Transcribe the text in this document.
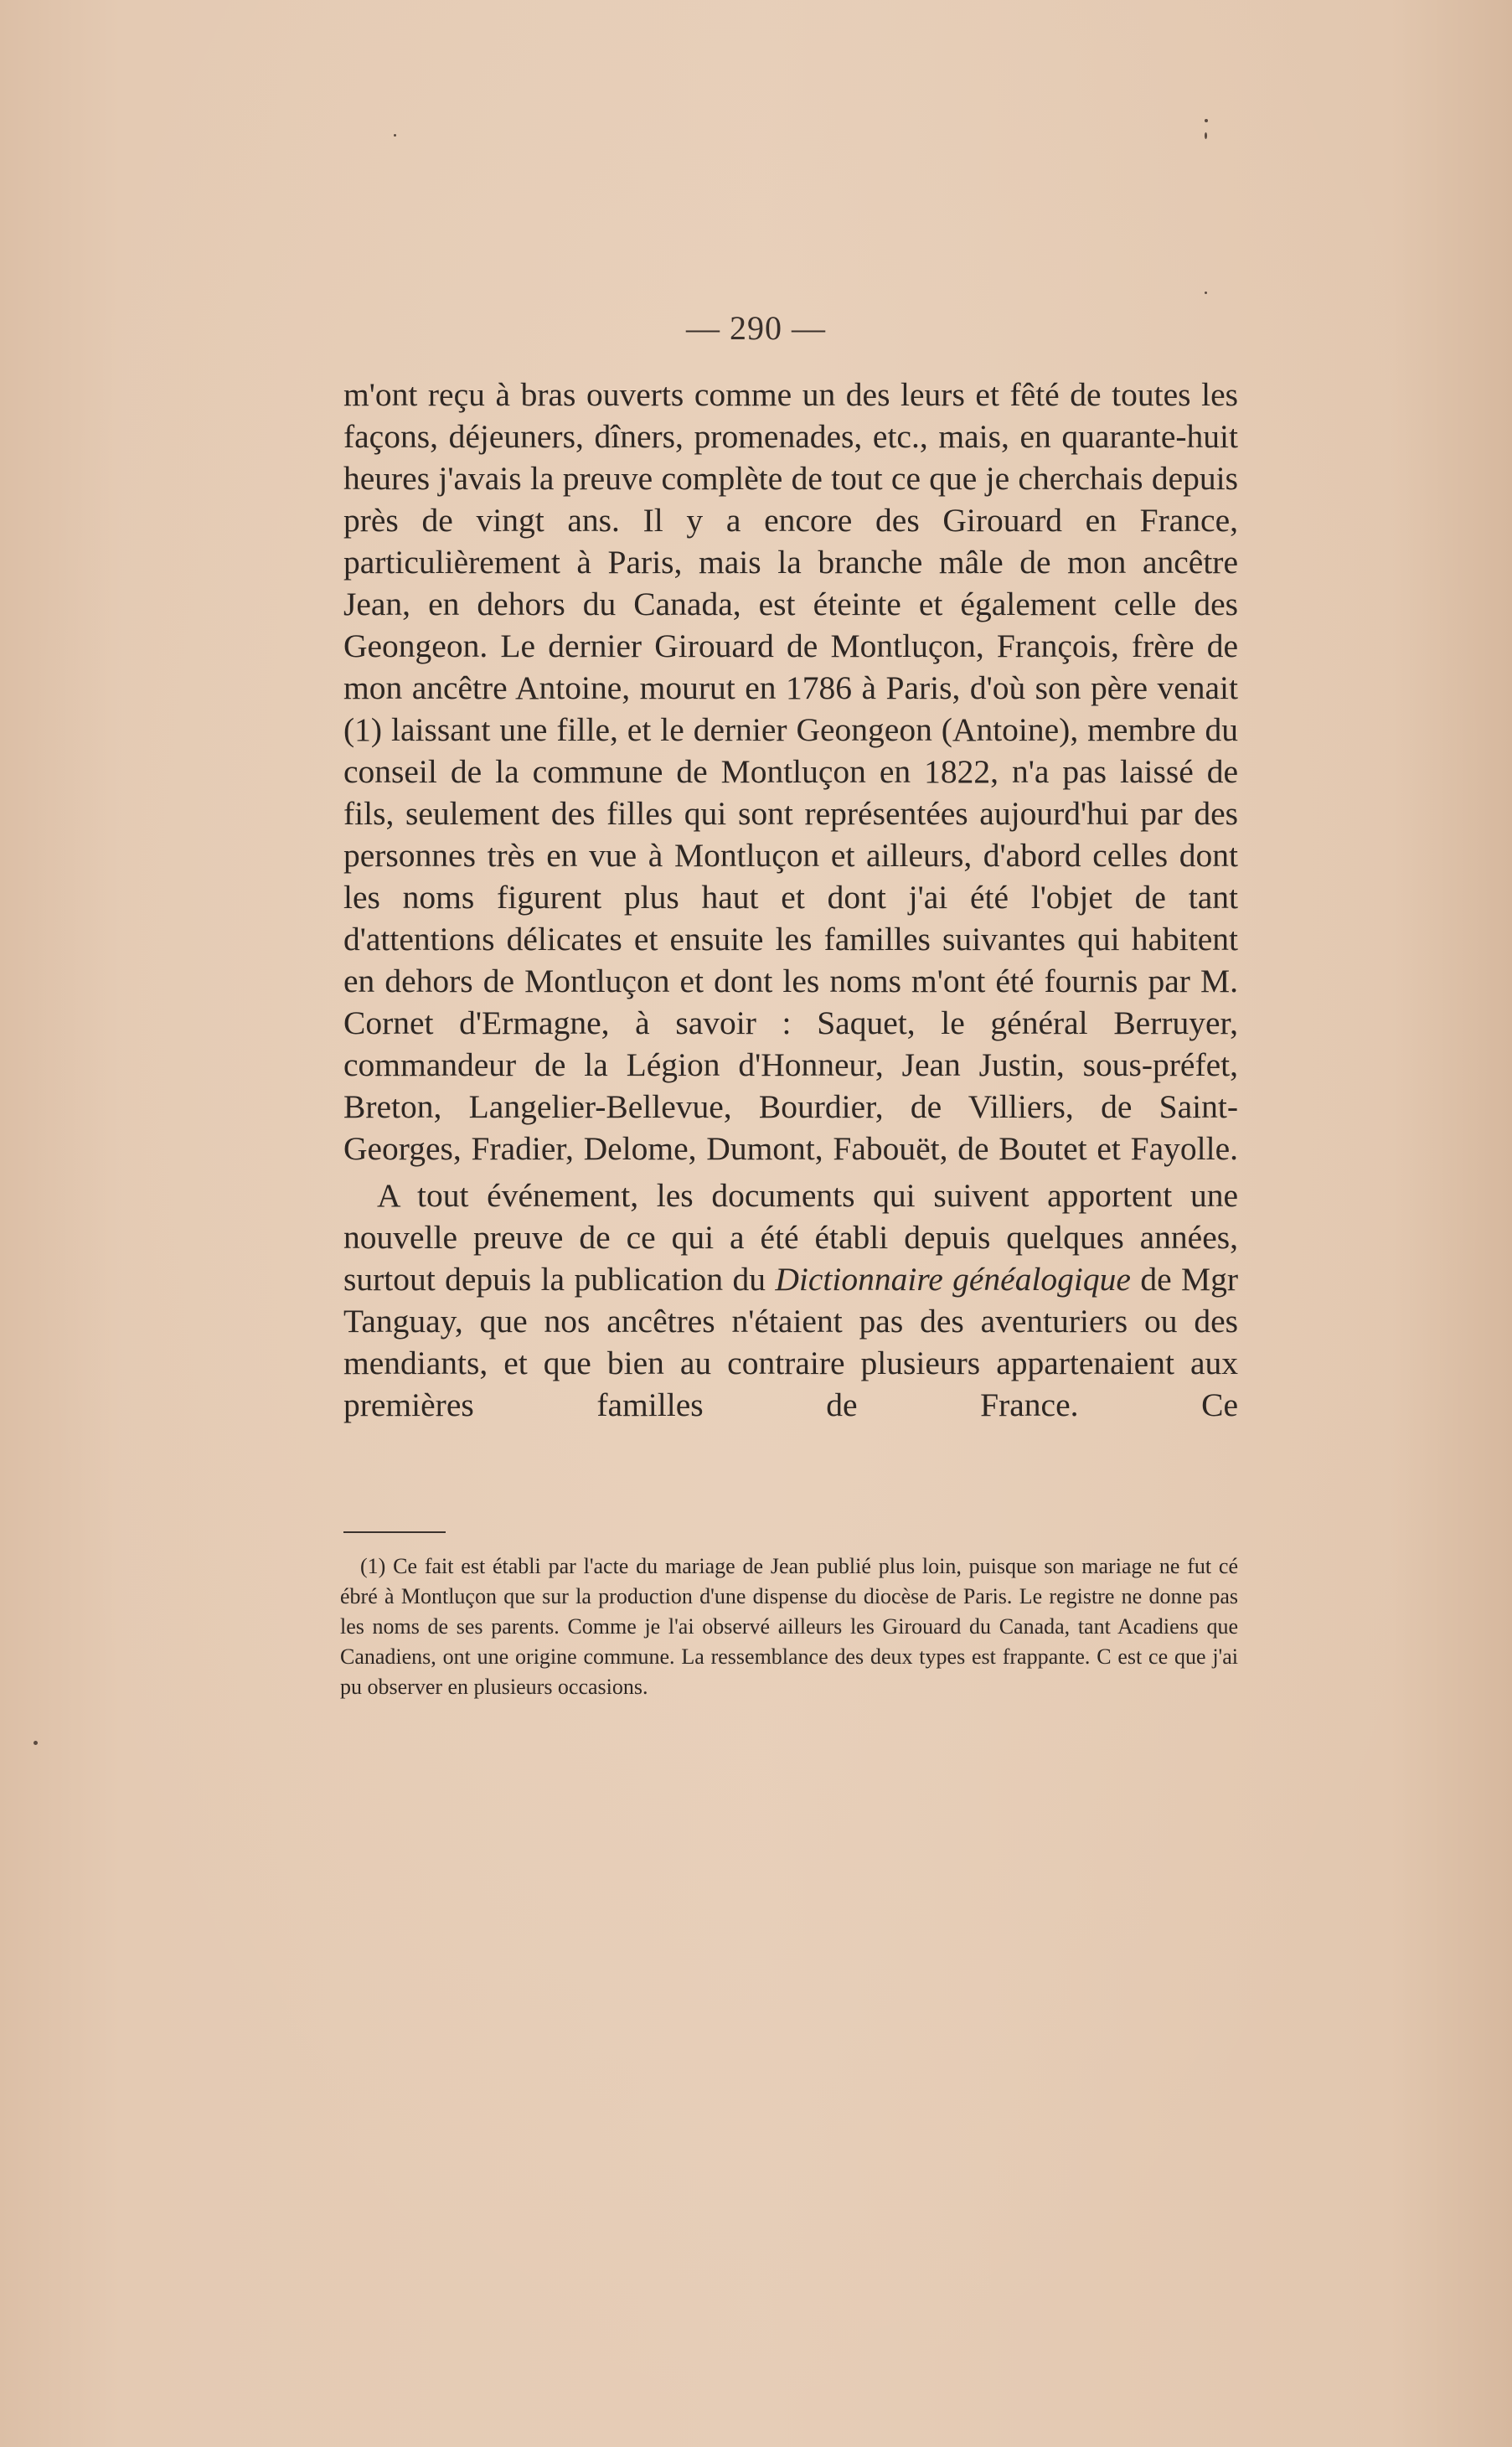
— 290 —

m'ont reçu à bras ouverts comme un des leurs et fêté de toutes les façons, déjeuners, dîners, promenades, etc., mais, en quarante-huit heures j'avais la preuve complète de tout ce que je cherchais depuis près de vingt ans. Il y a encore des Girouard en France, particulièrement à Paris, mais la branche mâle de mon ancêtre Jean, en dehors du Canada, est éteinte et également celle des Geongeon. Le dernier Girouard de Montluçon, François, frère de mon ancêtre Antoine, mourut en 1786 à Paris, d'où son père venait (1) laissant une fille, et le dernier Geongeon (Antoine), membre du conseil de la commune de Montluçon en 1822, n'a pas laissé de fils, seulement des filles qui sont représentées aujourd'hui par des personnes très en vue à Montluçon et ailleurs, d'abord celles dont les noms figurent plus haut et dont j'ai été l'objet de tant d'attentions délicates et ensuite les familles suivantes qui habitent en dehors de Montluçon et dont les noms m'ont été fournis par M. Cornet d'Ermagne, à savoir : Saquet, le général Berruyer, commandeur de la Légion d'Honneur, Jean Justin, sous-préfet, Breton, Langelier-Bellevue, Bourdier, de Villiers, de Saint-Georges, Fradier, Delome, Dumont, Fabouët, de Boutet et Fayolle.

A tout événement, les documents qui suivent apportent une nouvelle preuve de ce qui a été établi depuis quelques années, surtout depuis la publication du Dictionnaire généalogique de Mgr Tanguay, que nos ancêtres n'étaient pas des aventuriers ou des mendiants, et que bien au contraire plusieurs appartenaient aux premières familles de France. Ce

(1) Ce fait est établi par l'acte du mariage de Jean publié plus loin, puisque son mariage ne fut cé ébré à Montluçon que sur la production d'une dispense du diocèse de Paris. Le registre ne donne pas les noms de ses parents. Comme je l'ai observé ailleurs les Girouard du Canada, tant Acadiens que Canadiens, ont une origine commune. La ressemblance des deux types est frappante. C est ce que j'ai pu observer en plusieurs occasions.
